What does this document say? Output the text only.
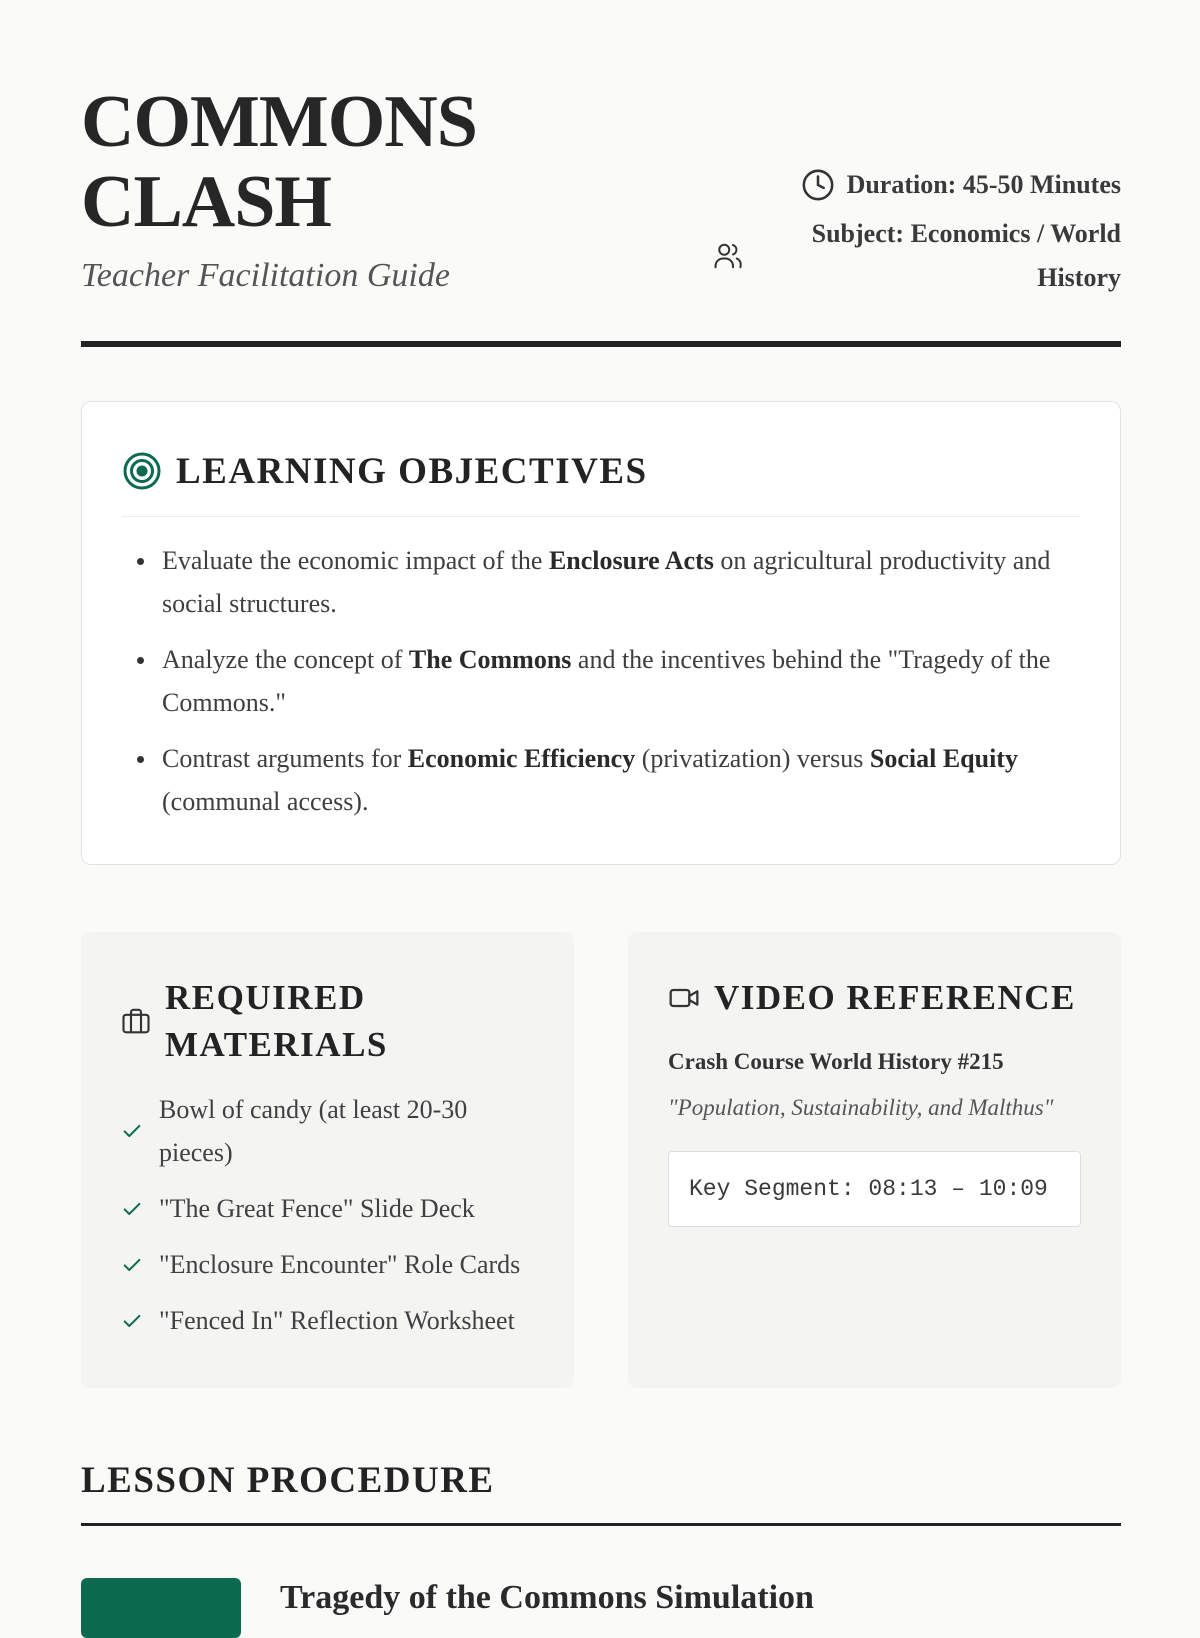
COMMONS
CLASH

Teacher Facilitation Guide

Duration: 45-50 Minutes
Subject: Economics / World History
LEARNING OBJECTIVES
Evaluate the economic impact of the Enclosure Acts on agricultural productivity and social structures.
Analyze the concept of The Commons and the incentives behind the "Tragedy of the Commons."
Contrast arguments for Economic Efficiency (privatization) versus Social Equity (communal access).
REQUIRED MATERIALS
Bowl of candy (at least 20-30 pieces)
"The Great Fence" Slide Deck
"Enclosure Encounter" Role Cards
"Fenced In" Reflection Worksheet
VIDEO REFERENCE
Crash Course World History #215
"Population, Sustainability, and Malthus"
Key Segment: 08:13 – 10:09
LESSON PROCEDURE
Tragedy of the Commons Simulation
